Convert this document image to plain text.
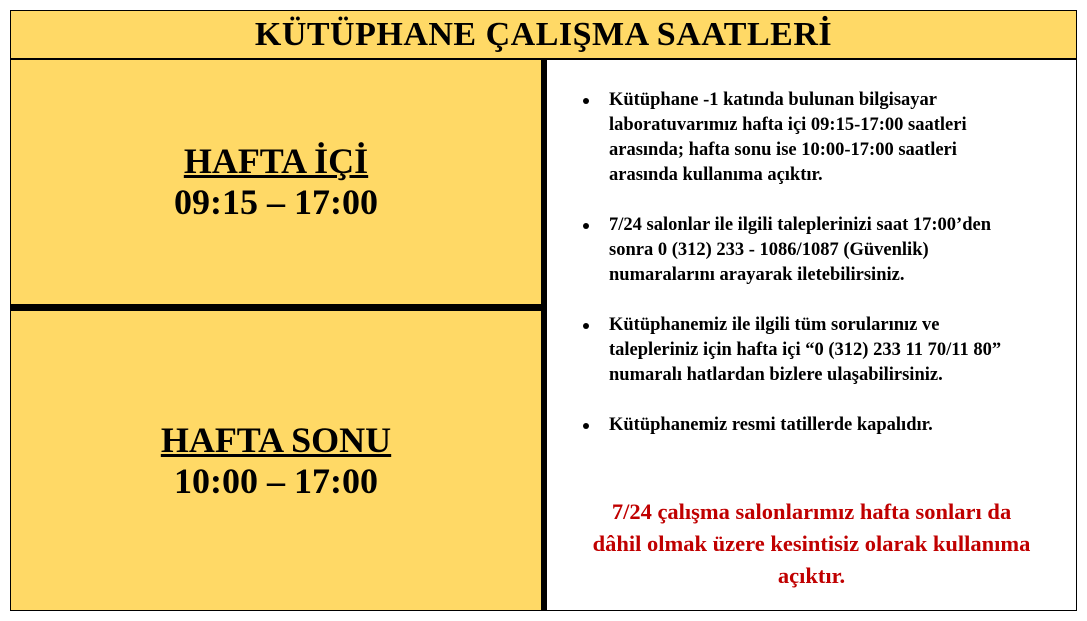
KÜTÜPHANE ÇALIŞMA SAATLERİ
HAFTA İÇİ
09:15 – 17:00
HAFTA SONU
10:00 – 17:00
Kütüphane -1 katında bulunan bilgisayar
laboratuvarımız hafta içi 09:15-17:00 saatleri
arasında; hafta sonu ise 10:00-17:00 saatleri
arasında kullanıma açıktır.
7/24 salonlar ile ilgili taleplerinizi saat 17:00’den
sonra 0 (312) 233 - 1086/1087 (Güvenlik)
numaralarını arayarak iletebilirsiniz.
Kütüphanemiz ile ilgili tüm sorularınız ve
talepleriniz için hafta içi “0 (312) 233 11 70/11 80”
numaralı hatlardan bizlere ulaşabilirsiniz.
Kütüphanemiz resmi tatillerde kapalıdır.
7/24 çalışma salonlarımız hafta sonları da
dâhil olmak üzere kesintisiz olarak kullanıma
açıktır.
